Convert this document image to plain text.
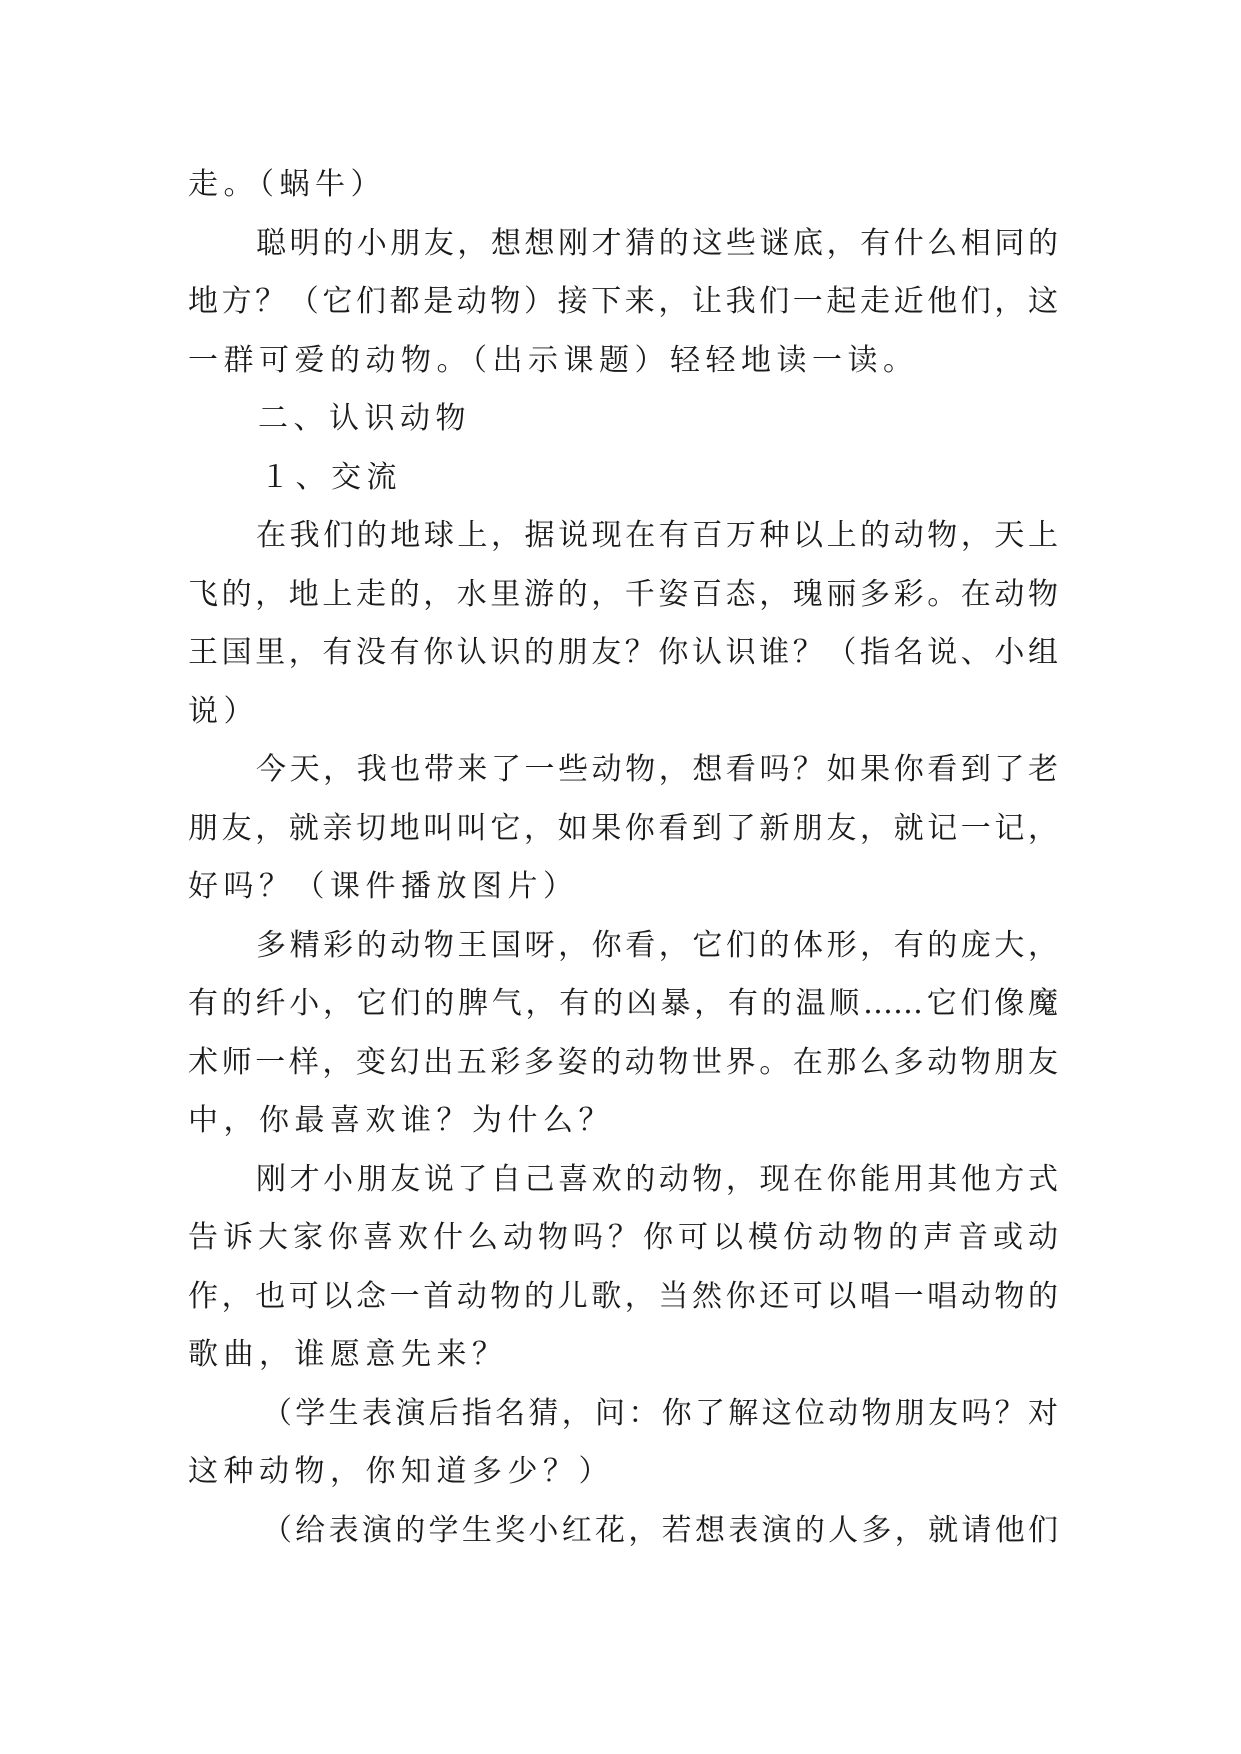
走。（蜗牛）
聪明的小朋友，想想刚才猜的这些谜底，有什么相同的
地方？（它们都是动物）接下来，让我们一起走近他们，这
一群可爱的动物。（出示课题）轻轻地读一读。
二、认识动物
１、交流
在我们的地球上，据说现在有百万种以上的动物，天上
飞的，地上走的，水里游的，千姿百态，瑰丽多彩。在动物
王国里，有没有你认识的朋友？你认识谁？（指名说、小组
说）
今天，我也带来了一些动物，想看吗？如果你看到了老
朋友，就亲切地叫叫它，如果你看到了新朋友，就记一记，
好吗？（课件播放图片）
多精彩的动物王国呀，你看，它们的体形，有的庞大，
有的纤小，它们的脾气，有的凶暴，有的温顺……它们像魔
术师一样，变幻出五彩多姿的动物世界。在那么多动物朋友
中，你最喜欢谁？为什么？
刚才小朋友说了自己喜欢的动物，现在你能用其他方式
告诉大家你喜欢什么动物吗？你可以模仿动物的声音或动
作，也可以念一首动物的儿歌，当然你还可以唱一唱动物的
歌曲，谁愿意先来？
（学生表演后指名猜，问：你了解这位动物朋友吗？对
这种动物，你知道多少？）
（给表演的学生奖小红花，若想表演的人多，就请他们
